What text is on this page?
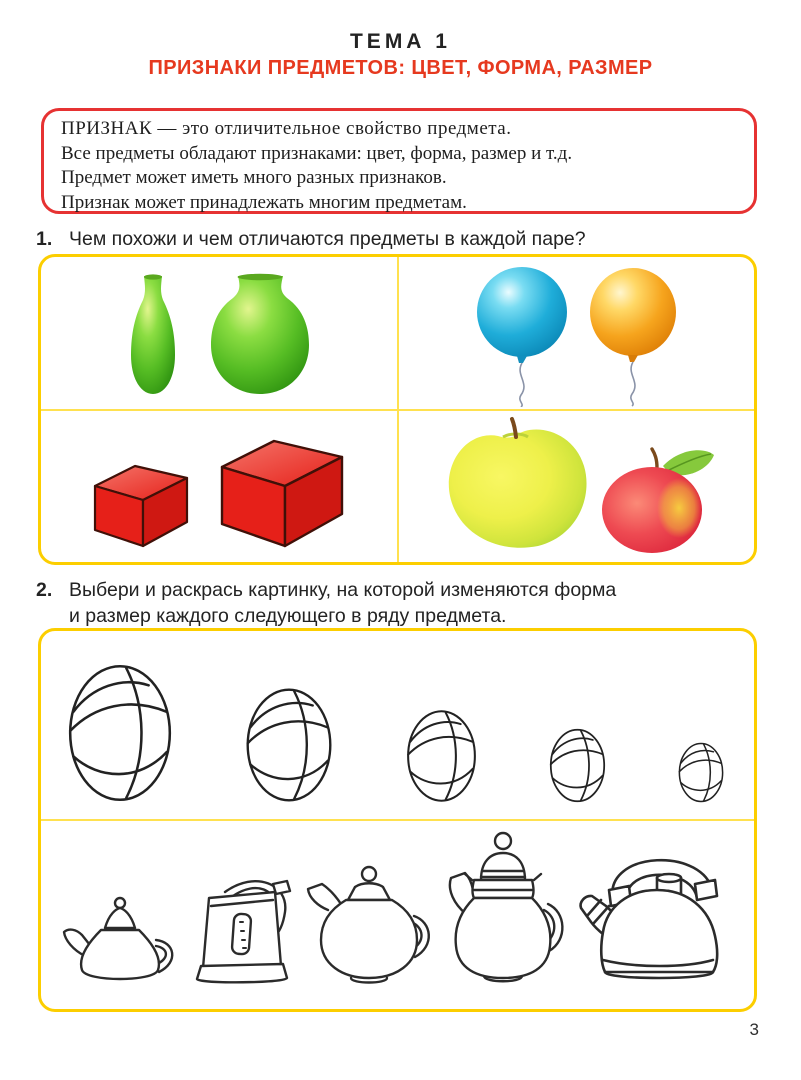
ТЕМА 1
ПРИЗНАКИ ПРЕДМЕТОВ: ЦВЕТ, ФОРМА, РАЗМЕР

ПРИЗНАК — это отличительное свойство предмета.

Все предметы обладают признаками: цвет, форма, размер и т.д.

Предмет может иметь много разных признаков.

Признак может принадлежать многим предметам.

1. Чем похожи и чем отличаются предметы в каждой паре?
2. Выбери и раскрась картинку, на которой изменяются форма
и размер каждого следующего в ряду предмета.
3
